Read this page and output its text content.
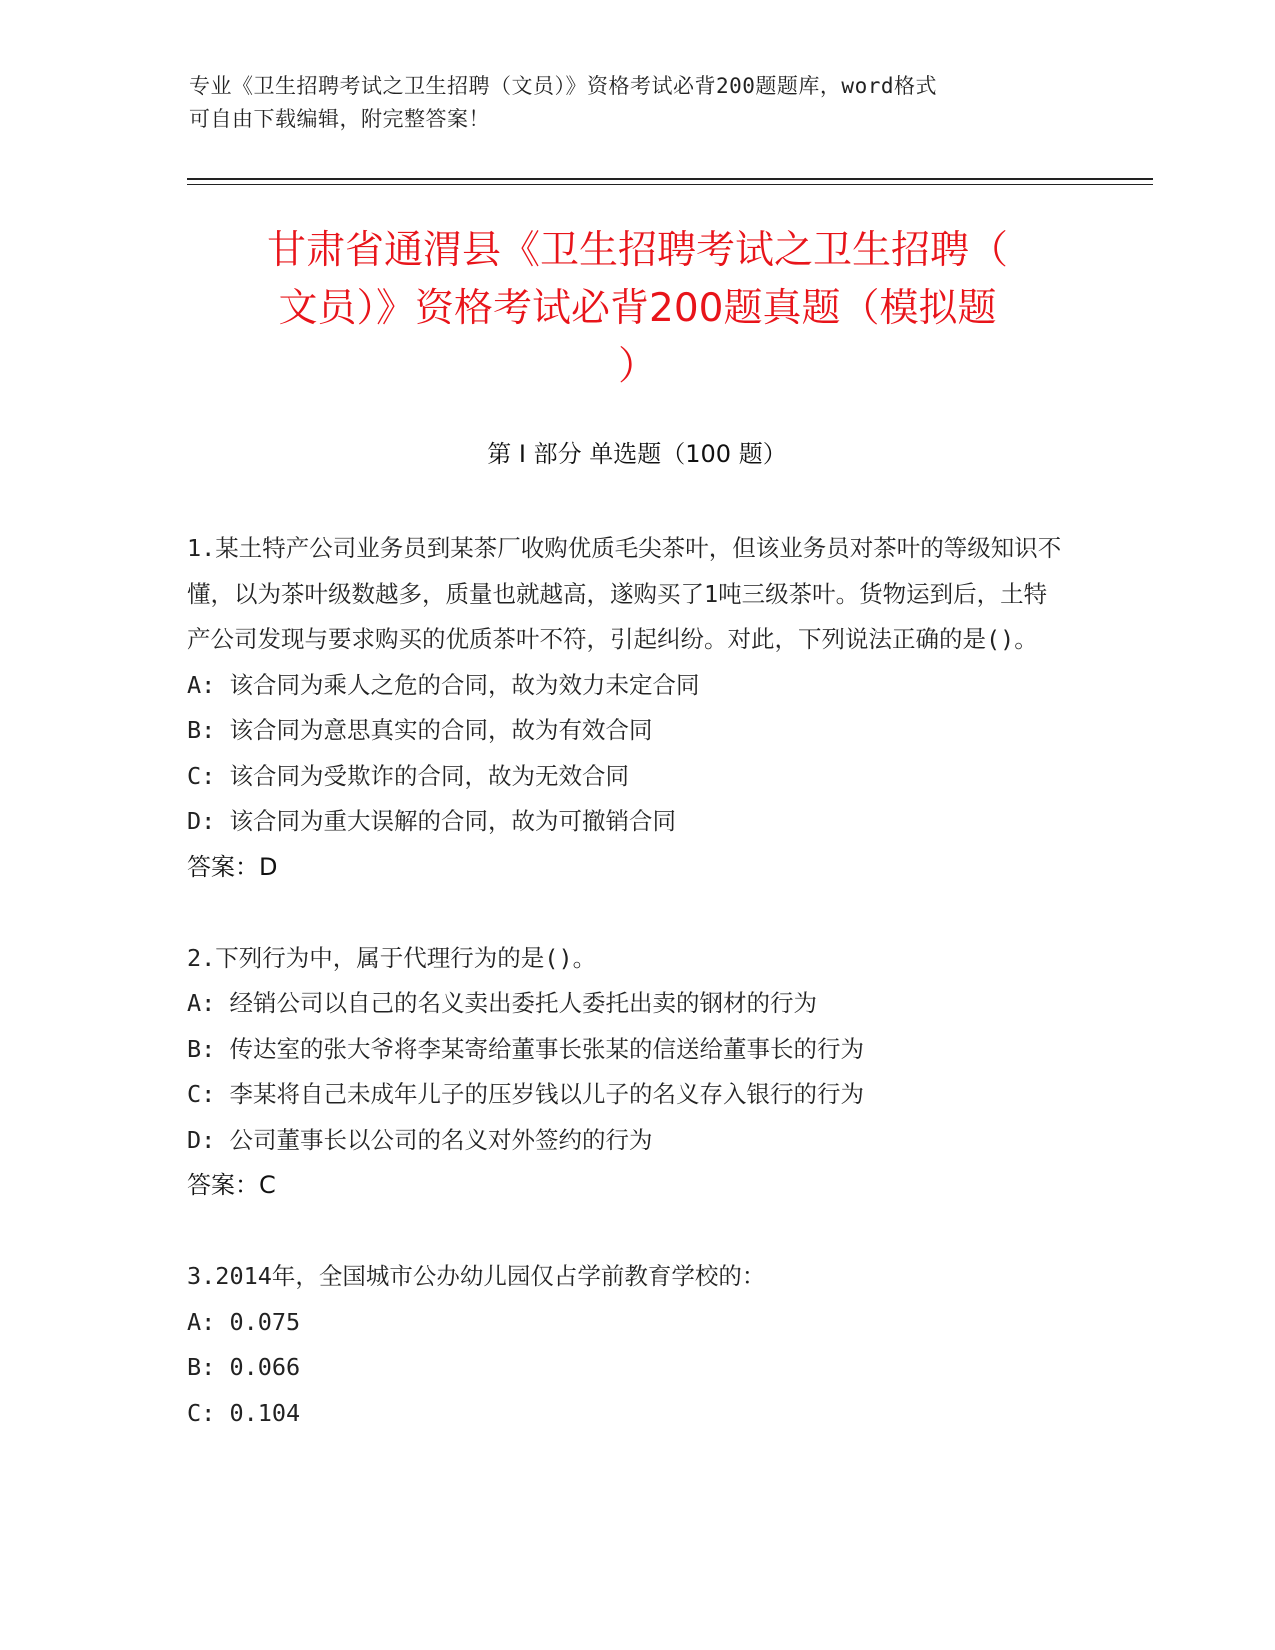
专业《卫生招聘考试之卫生招聘（文员）》资格考试必背200题题库，word格式
可自由下载编辑，附完整答案！
甘肃省通渭县《卫生招聘考试之卫生招聘（
文员）》资格考试必背200题真题（模拟题
）
第 I 部分 单选题（100 题）
1.某土特产公司业务员到某茶厂收购优质毛尖茶叶，但该业务员对茶叶的等级知识不懂，以为茶叶级数越多，质量也就越高，遂购买了1吨三级茶叶。货物运到后，土特产公司发现与要求购买的优质茶叶不符，引起纠纷。对此，下列说法正确的是()。
A: 该合同为乘人之危的合同，故为效力未定合同
B: 该合同为意思真实的合同，故为有效合同
C: 该合同为受欺诈的合同，故为无效合同
D: 该合同为重大误解的合同，故为可撤销合同
答案：D
2.下列行为中，属于代理行为的是()。
A: 经销公司以自己的名义卖出委托人委托出卖的钢材的行为
B: 传达室的张大爷将李某寄给董事长张某的信送给董事长的行为
C: 李某将自己未成年儿子的压岁钱以儿子的名义存入银行的行为
D: 公司董事长以公司的名义对外签约的行为
答案：C
3.2014年，全国城市公办幼儿园仅占学前教育学校的：
A: 0.075
B: 0.066
C: 0.104
